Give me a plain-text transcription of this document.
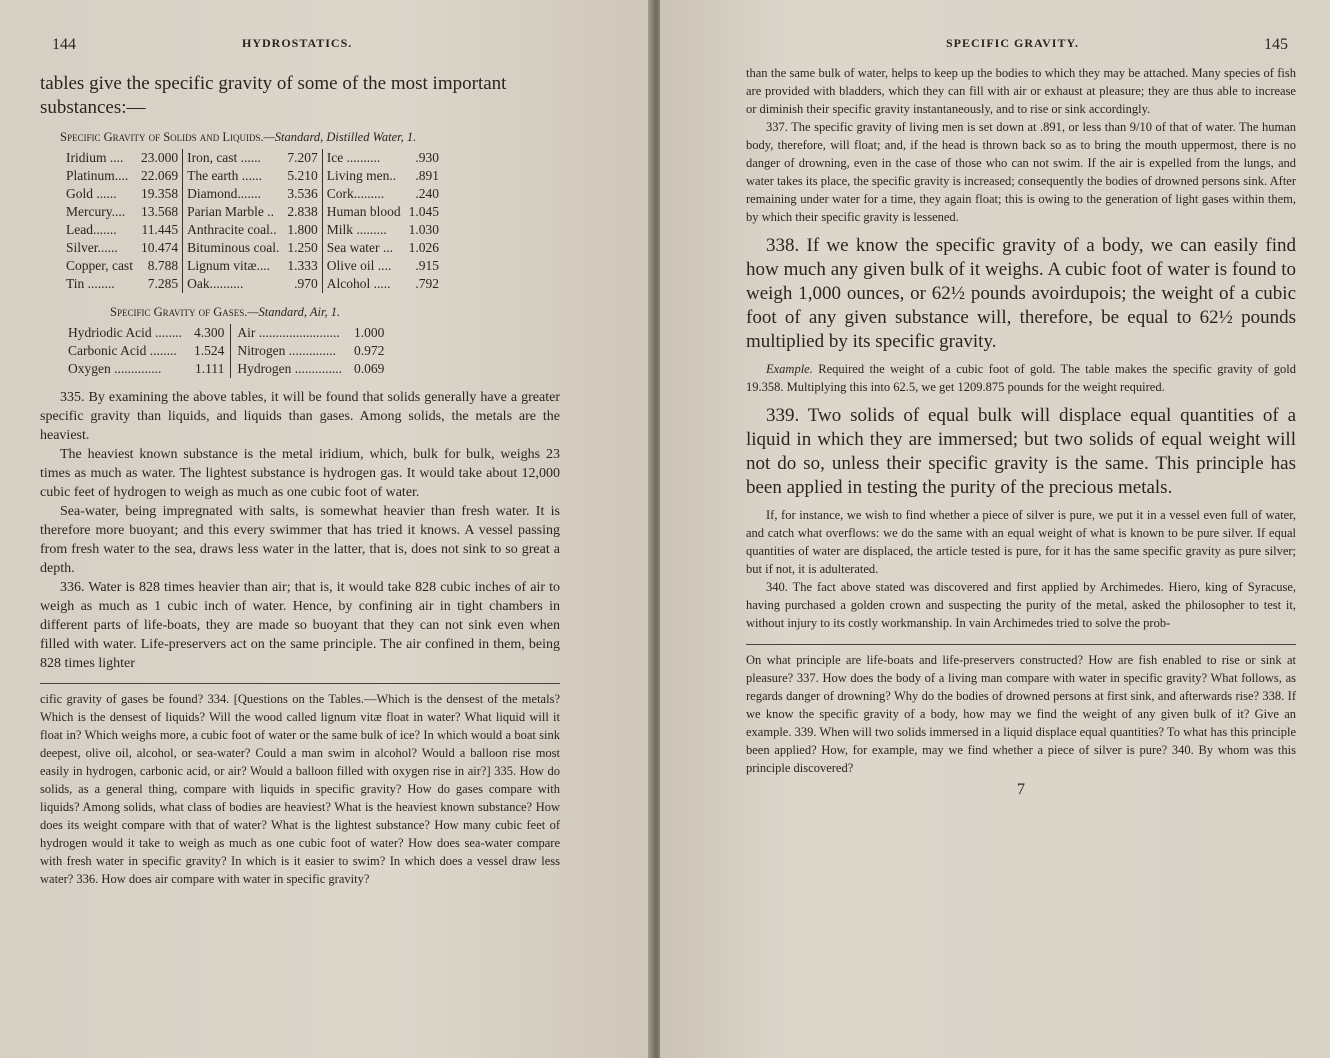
144	HYDROSTATICS.

tables give the specific gravity of some of the most important substances:—

Specific Gravity of Solids and Liquids.—Standard, Distilled Water, 1.
Iridium ....	23.000	Iron, cast ......	7.207	Ice ..........	.930
Platinum....	22.069	The earth ......	5.210	Living men..	.891
Gold ......	19.358	Diamond.......	3.536	Cork.........	.240
Mercury....	13.568	Parian Marble ..	2.838	Human blood	1.045
Lead.......	11.445	Anthracite coal..	1.800	Milk .........	1.030
Silver......	10.474	Bituminous coal.	1.250	Sea water ...	1.026
Copper, cast	8.788	Lignum vitæ....	1.333	Olive oil ....	.915
Tin ........	7.285	Oak..........	.970	Alcohol .....	.792
Specific Gravity of Gases.—Standard, Air, 1.
Hydriodic Acid ........	4.300	Air ........................	1.000
Carbonic Acid ........	1.524	Nitrogen ..............	0.972
Oxygen ..............	1.111	Hydrogen ..............	0.069

335. By examining the above tables, it will be found that solids generally have a greater specific gravity than liquids, and liquids than gases. Among solids, the metals are the heaviest.

The heaviest known substance is the metal iridium, which, bulk for bulk, weighs 23 times as much as water. The lightest substance is hydrogen gas. It would take about 12,000 cubic feet of hydrogen to weigh as much as one cubic foot of water.

Sea-water, being impregnated with salts, is somewhat heavier than fresh water. It is therefore more buoyant; and this every swimmer that has tried it knows. A vessel passing from fresh water to the sea, draws less water in the latter, that is, does not sink to so great a depth.

336. Water is 828 times heavier than air; that is, it would take 828 cubic inches of air to weigh as much as 1 cubic inch of water. Hence, by confining air in tight chambers in different parts of life-boats, they are made so buoyant that they can not sink even when filled with water. Life-preservers act on the same principle. The air confined in them, being 828 times lighter

cific gravity of gases be found? 334. [Questions on the Tables.—Which is the densest of the metals? Which is the densest of liquids? Will the wood called lignum vitæ float in water? What liquid will it float in? Which weighs more, a cubic foot of water or the same bulk of ice? In which would a boat sink deepest, olive oil, alcohol, or sea-water? Could a man swim in alcohol? Would a balloon rise most easily in hydrogen, carbonic acid, or air? Would a balloon filled with oxygen rise in air?] 335. How do solids, as a general thing, compare with liquids in specific gravity? How do gases compare with liquids? Among solids, what class of bodies are heaviest? What is the heaviest known substance? How does its weight compare with that of water? What is the lightest substance? How many cubic feet of hydrogen would it take to weigh as much as one cubic foot of water? How does sea-water compare with fresh water in specific gravity? In which is it easier to swim? In which does a vessel draw less water? 336. How does air compare with water in specific gravity?

SPECIFIC GRAVITY.	145

than the same bulk of water, helps to keep up the bodies to which they may be attached. Many species of fish are provided with bladders, which they can fill with air or exhaust at pleasure; they are thus able to increase or diminish their specific gravity instantaneously, and to rise or sink accordingly.

337. The specific gravity of living men is set down at .891, or less than 9/10 of that of water. The human body, therefore, will float; and, if the head is thrown back so as to bring the mouth uppermost, there is no danger of drowning, even in the case of those who can not swim. If the air is expelled from the lungs, and water takes its place, the specific gravity is increased; consequently the bodies of drowned persons sink. After remaining under water for a time, they again float; this is owing to the generation of light gases within them, by which their specific gravity is lessened.

338. If we know the specific gravity of a body, we can easily find how much any given bulk of it weighs. A cubic foot of water is found to weigh 1,000 ounces, or 62½ pounds avoirdupois; the weight of a cubic foot of any given substance will, therefore, be equal to 62½ pounds multiplied by its specific gravity.

Example. Required the weight of a cubic foot of gold. The table makes the specific gravity of gold 19.358. Multiplying this into 62.5, we get 1209.875 pounds for the weight required.

339. Two solids of equal bulk will displace equal quantities of a liquid in which they are immersed; but two solids of equal weight will not do so, unless their specific gravity is the same. This principle has been applied in testing the purity of the precious metals.

If, for instance, we wish to find whether a piece of silver is pure, we put it in a vessel even full of water, and catch what overflows: we do the same with an equal weight of what is known to be pure silver. If equal quantities of water are displaced, the article tested is pure, for it has the same specific gravity as pure silver; but if not, it is adulterated.

340. The fact above stated was discovered and first applied by Archimedes. Hiero, king of Syracuse, having purchased a golden crown and suspecting the purity of the metal, asked the philosopher to test it, without injury to its costly workmanship. In vain Archimedes tried to solve the prob-

On what principle are life-boats and life-preservers constructed? How are fish enabled to rise or sink at pleasure? 337. How does the body of a living man compare with water in specific gravity? What follows, as regards danger of drowning? Why do the bodies of drowned persons at first sink, and afterwards rise? 338. If we know the specific gravity of a body, how may we find the weight of any given bulk of it? Give an example. 339. When will two solids immersed in a liquid displace equal quantities? To what has this principle been applied? How, for example, may we find whether a piece of silver is pure? 340. By whom was this principle discovered?

7
